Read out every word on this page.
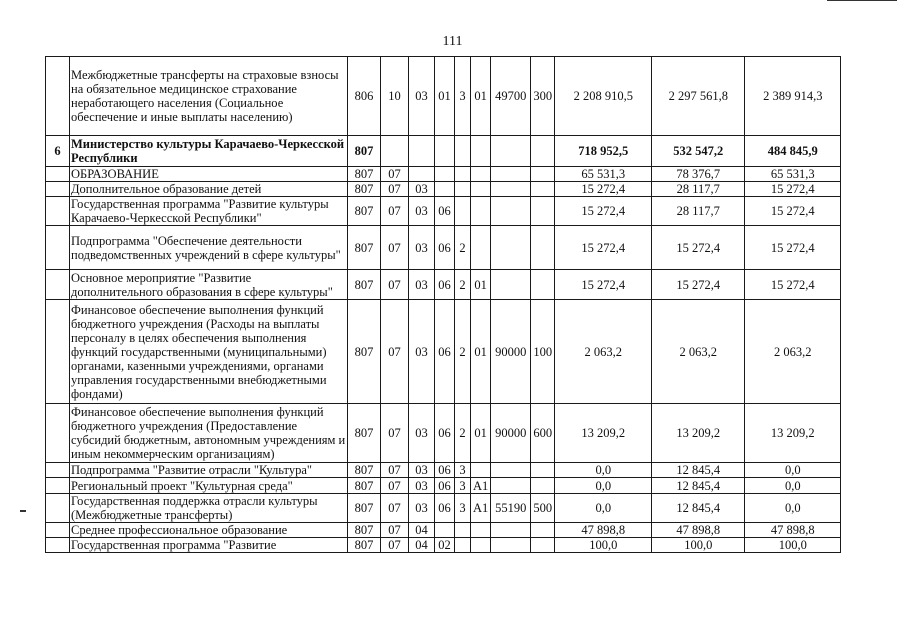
111
	Межбюджетные трансферты на страховые взносы на обязательное медицинское страхование неработающего населения (Социальное обеспечение и иные выплаты населению)	806	10	03	01	3	01	49700	300	2 208 910,5	2 297 561,8	2 389 914,3
6	Министерство культуры Карачаево-Черкесской Республики	807								718 952,5	532 547,2	484 845,9
	ОБРАЗОВАНИЕ	807	07							65 531,3	78 376,7	65 531,3
	Дополнительное образование детей	807	07	03						15 272,4	28 117,7	15 272,4
	Государственная программа "Развитие культуры Карачаево-Черкесской Республики"	807	07	03	06					15 272,4	28 117,7	15 272,4
	Подпрограмма "Обеспечение деятельности подведомственных учреждений в сфере культуры"	807	07	03	06	2				15 272,4	15 272,4	15 272,4
	Основное мероприятие "Развитие дополнительного образования в сфере культуры"	807	07	03	06	2	01			15 272,4	15 272,4	15 272,4
	Финансовое обеспечение выполнения функций бюджетного учреждения (Расходы на выплаты персоналу в целях обеспечения выполнения функций государственными (муниципальными) органами, казенными учреждениями, органами управления государственными внебюджетными фондами)	807	07	03	06	2	01	90000	100	2 063,2	2 063,2	2 063,2
	Финансовое обеспечение выполнения функций бюджетного учреждения (Предоставление субсидий бюджетным, автономным учреждениям и иным некоммерческим организациям)	807	07	03	06	2	01	90000	600	13 209,2	13 209,2	13 209,2
	Подпрограмма "Развитие отрасли "Культура"	807	07	03	06	3				0,0	12 845,4	0,0
	Региональный проект "Культурная среда"	807	07	03	06	3	A1			0,0	12 845,4	0,0
	Государственная поддержка отрасли культуры (Межбюджетные трансферты)	807	07	03	06	3	A1	55190	500	0,0	12 845,4	0,0
	Среднее профессиональное образование	807	07	04						47 898,8	47 898,8	47 898,8
	Государственная программа "Развитие	807	07	04	02					100,0	100,0	100,0
